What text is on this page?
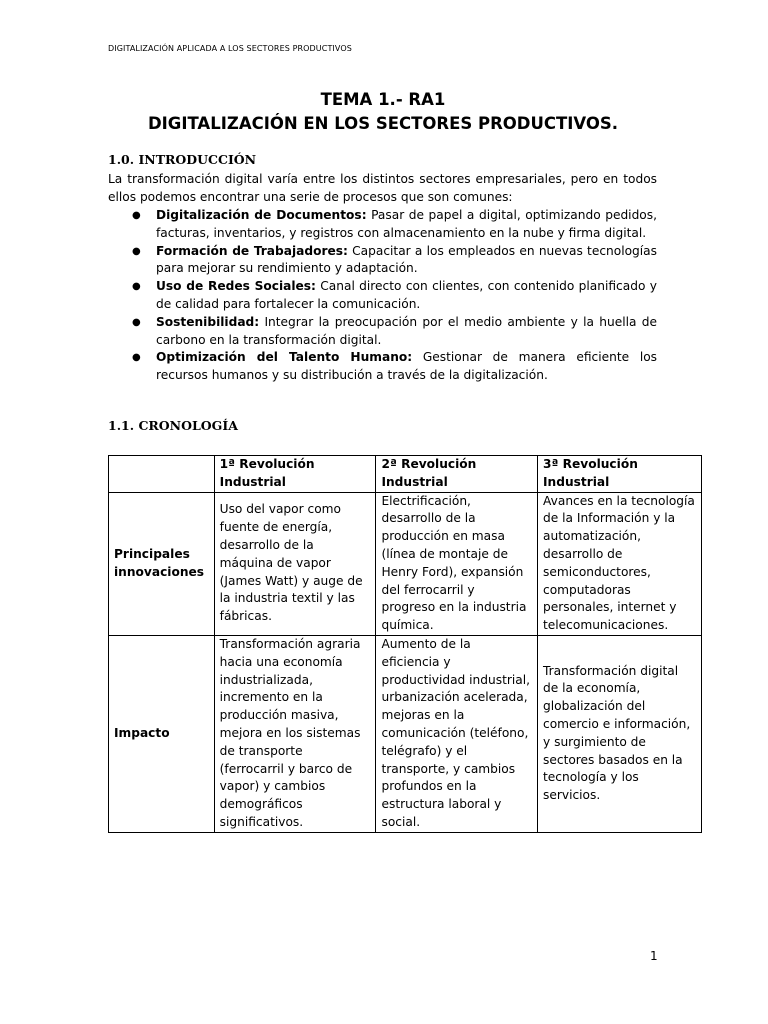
DIGITALIZACIÓN APLICADA A LOS SECTORES PRODUCTIVOS
TEMA 1.- RA1
DIGITALIZACIÓN EN LOS SECTORES PRODUCTIVOS.
1.0. INTRODUCCIÓN
La transformación digital varía entre los distintos sectores empresariales, pero en todos ellos podemos encontrar una serie de procesos que son comunes:
● Digitalización de Documentos: Pasar de papel a digital, optimizando pedidos, facturas, inventarios, y registros con almacenamiento en la nube y firma digital.
● Formación de Trabajadores: Capacitar a los empleados en nuevas tecnologías para mejorar su rendimiento y adaptación.
● Uso de Redes Sociales: Canal directo con clientes, con contenido planificado y de calidad para fortalecer la comunicación.
● Sostenibilidad: Integrar la preocupación por el medio ambiente y la huella de carbono en la transformación digital.
● Optimización del Talento Humano: Gestionar de manera eficiente los recursos humanos y su distribución a través de la digitalización.
1.1. CRONOLOGÍA
	1ª Revolución Industrial	2ª Revolución Industrial	3ª Revolución Industrial
Principales innovaciones	Uso del vapor como fuente de energía, desarrollo de la máquina de vapor (James Watt) y auge de la industria textil y las fábricas.	Electrificación, desarrollo de la producción en masa (línea de montaje de Henry Ford), expansión del ferrocarril y progreso en la industria química.	Avances en la tecnología de la Información y la automatización, desarrollo de semiconductores, computadoras personales, internet y telecomunicaciones.
Impacto	Transformación agraria hacia una economía industrializada, incremento en la producción masiva, mejora en los sistemas de transporte (ferrocarril y barco de vapor) y cambios demográficos significativos.	Aumento de la eficiencia y productividad industrial, urbanización acelerada, mejoras en la comunicación (teléfono, telégrafo) y el transporte, y cambios profundos en la estructura laboral y social.	Transformación digital de la economía, globalización del comercio e información, y surgimiento de sectores basados en la tecnología y los servicios.
1
